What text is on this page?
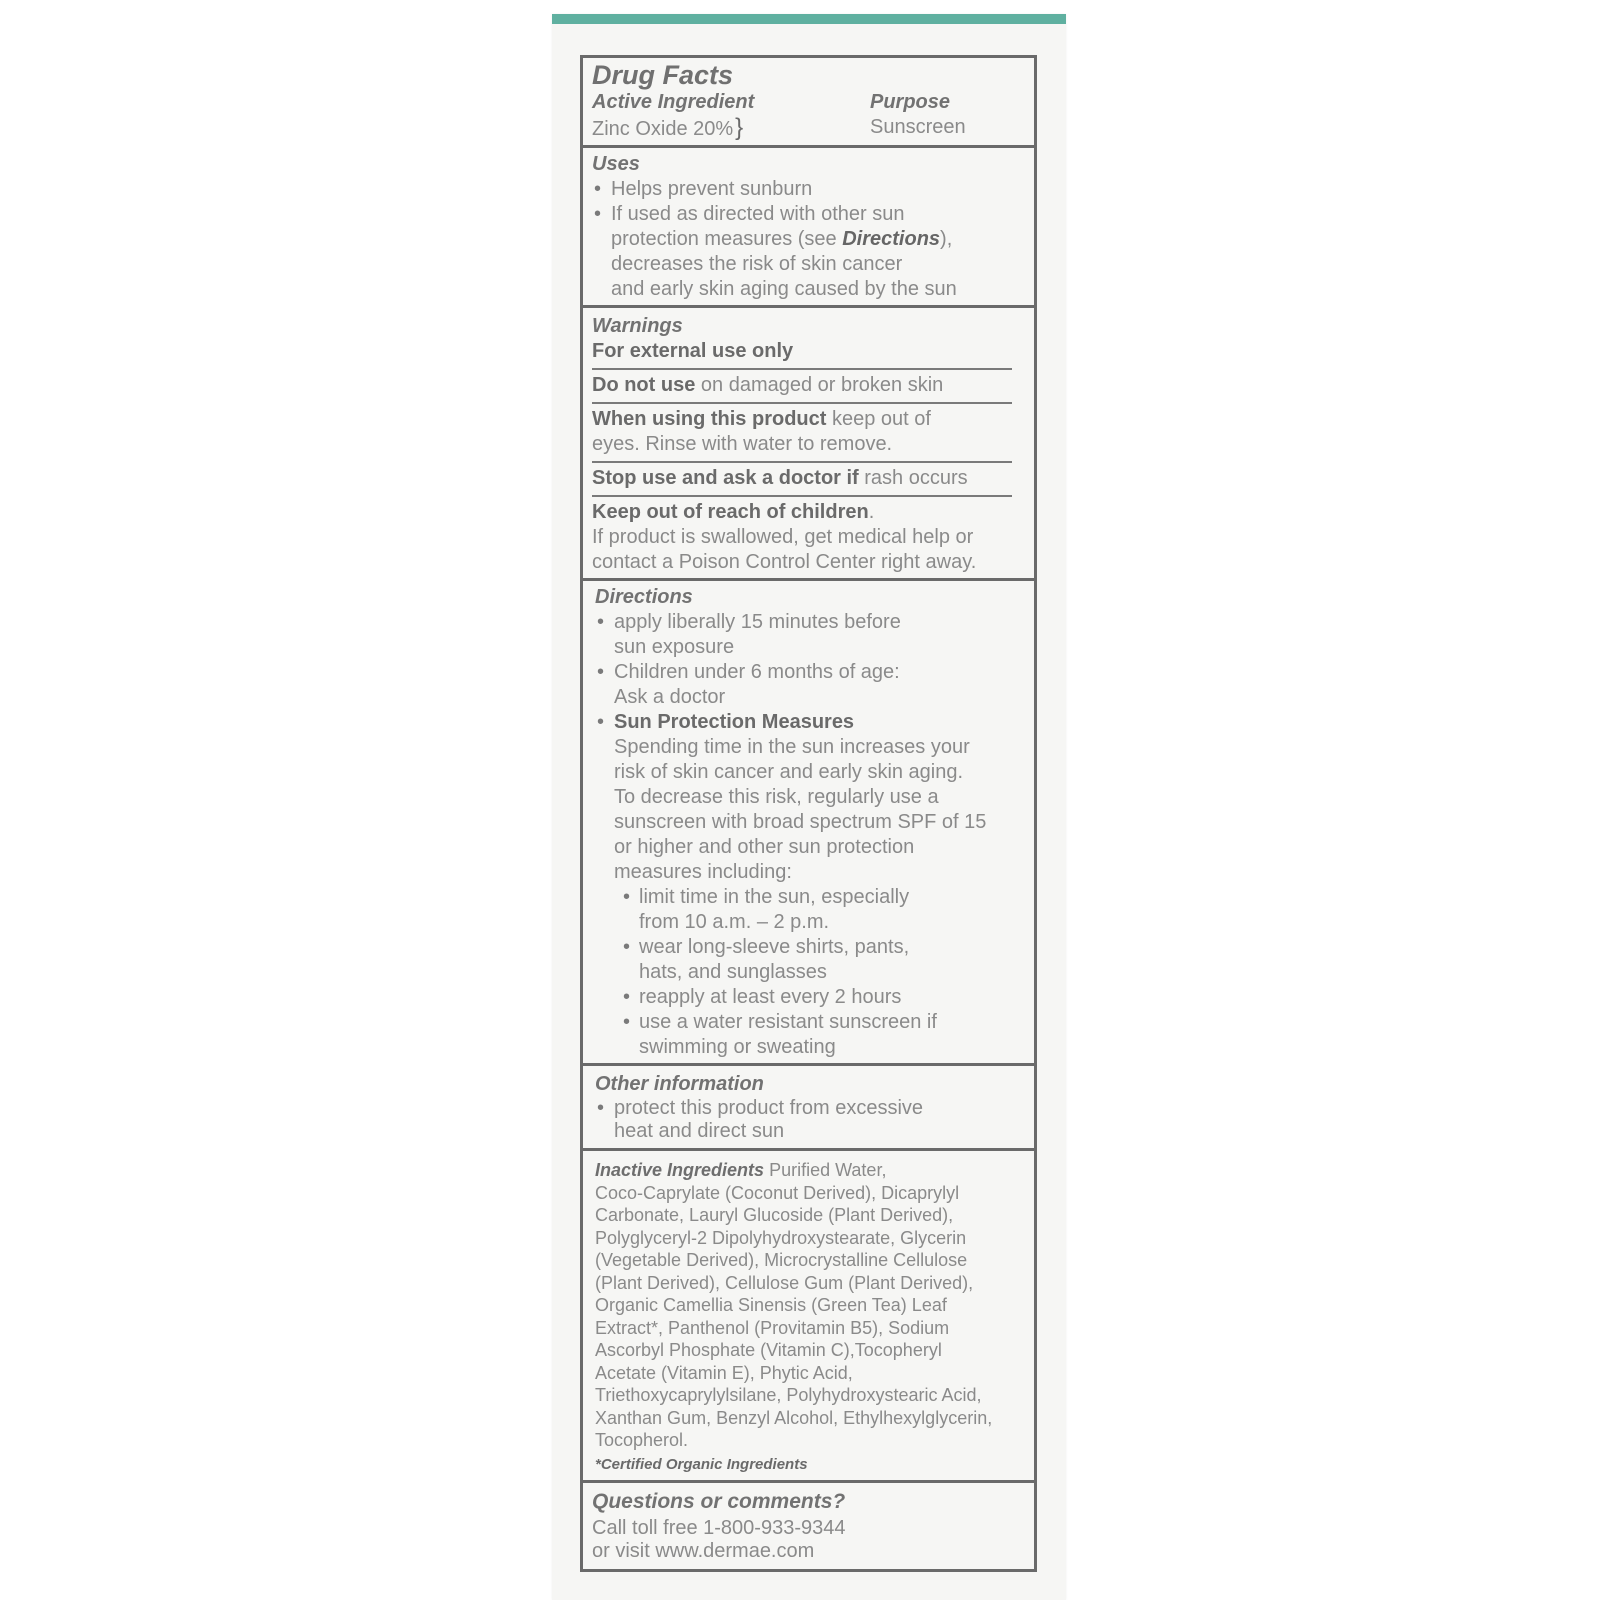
Drug Facts
Active Ingredient	Purpose
Zinc Oxide 20%}	Sunscreen
Uses
• Helps prevent sunburn
• If used as directed with other sun
protection measures (see Directions),
decreases the risk of skin cancer
and early skin aging caused by the sun
Warnings
For external use only
Do not use on damaged or broken skin
When using this product keep out of
eyes. Rinse with water to remove.
Stop use and ask a doctor if rash occurs
Keep out of reach of children.
If product is swallowed, get medical help or
contact a Poison Control Center right away.
Directions
• apply liberally 15 minutes before
sun exposure
• Children under 6 months of age:
Ask a doctor
• Sun Protection Measures
Spending time in the sun increases your
risk of skin cancer and early skin aging.
To decrease this risk, regularly use a
sunscreen with broad spectrum SPF of 15
or higher and other sun protection
measures including:
• limit time in the sun, especially
from 10 a.m. – 2 p.m.
• wear long-sleeve shirts, pants,
hats, and sunglasses
• reapply at least every 2 hours
• use a water resistant sunscreen if
swimming or sweating
Other information
• protect this product from excessive
heat and direct sun
Inactive Ingredients Purified Water,
Coco-Caprylate (Coconut Derived), Dicaprylyl
Carbonate, Lauryl Glucoside (Plant Derived),
Polyglyceryl-2 Dipolyhydroxystearate, Glycerin
(Vegetable Derived), Microcrystalline Cellulose
(Plant Derived), Cellulose Gum (Plant Derived),
Organic Camellia Sinensis (Green Tea) Leaf
Extract*, Panthenol (Provitamin B5), Sodium
Ascorbyl Phosphate (Vitamin C),Tocopheryl
Acetate (Vitamin E), Phytic Acid,
Triethoxycaprylylsilane, Polyhydroxystearic Acid,
Xanthan Gum, Benzyl Alcohol, Ethylhexylglycerin,
Tocopherol.
*Certified Organic Ingredients
Questions or comments?
Call toll free 1-800-933-9344
or visit www.dermae.com
